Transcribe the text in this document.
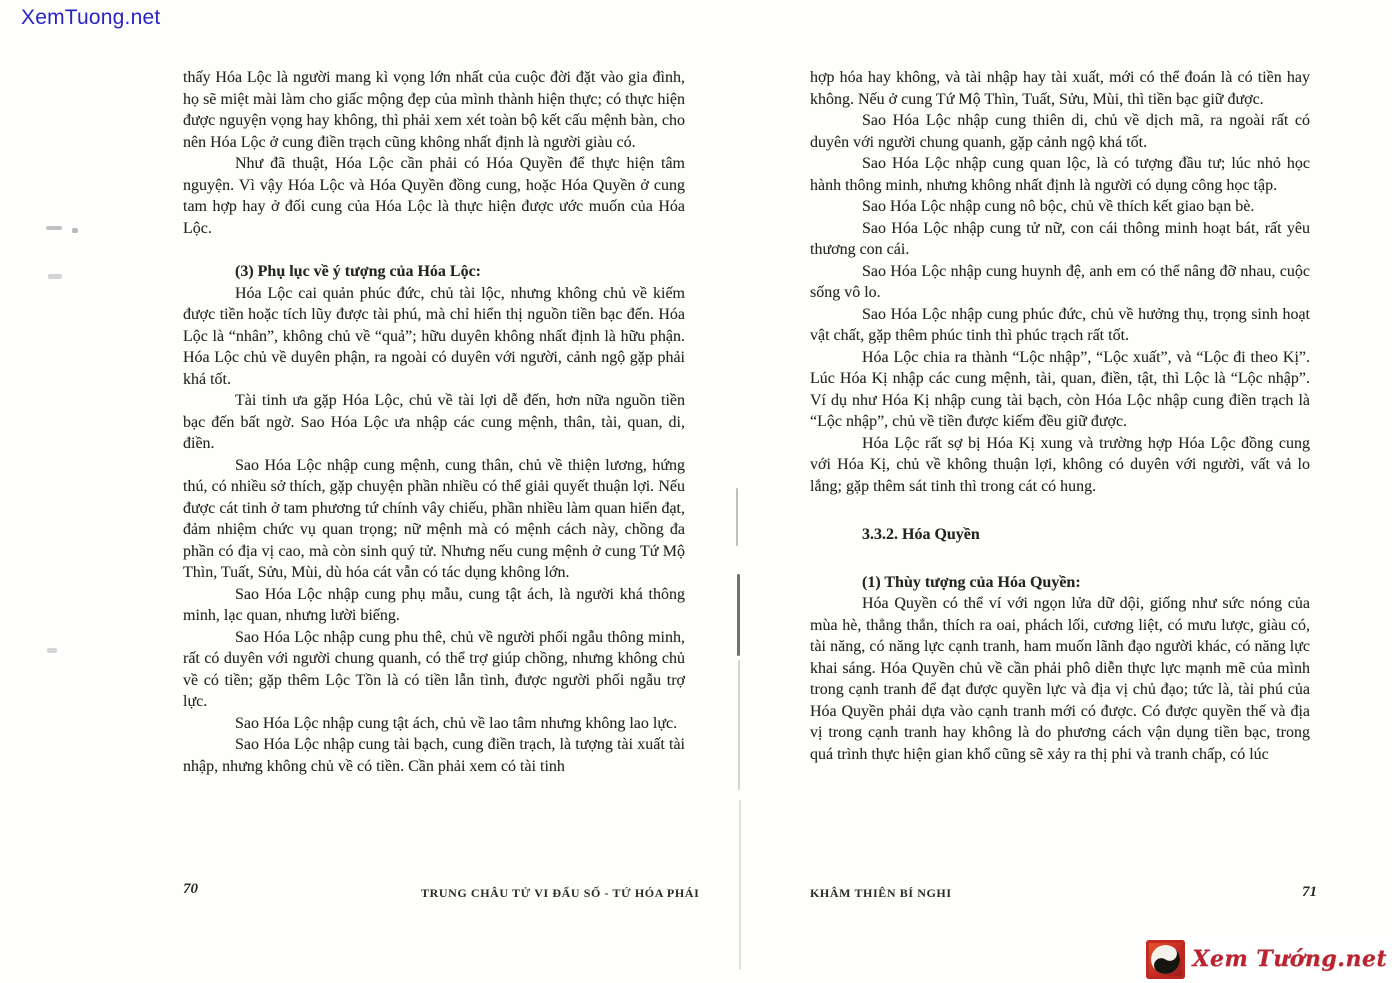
XemTuong.net

thấy Hóa Lộc là người mang kì vọng lớn nhất của cuộc đời đặt vào gia đình, họ sẽ miệt mài làm cho giấc mộng đẹp của mình thành hiện thực; có thực hiện được nguyện vọng hay không, thì phải xem xét toàn bộ kết cấu mệnh bàn, cho nên Hóa Lộc ở cung điền trạch cũng không nhất định là người giàu có.

Như đã thuật, Hóa Lộc cần phải có Hóa Quyền để thực hiện tâm nguyện. Vì vậy Hóa Lộc và Hóa Quyền đồng cung, hoặc Hóa Quyền ở cung tam hợp hay ở đối cung của Hóa Lộc là thực hiện được ước muốn của Hóa Lộc.

(3) Phụ lục về ý tượng của Hóa Lộc:

Hóa Lộc cai quản phúc đức, chủ tài lộc, nhưng không chủ về kiếm được tiền hoặc tích lũy được tài phú, mà chỉ hiển thị nguồn tiền bạc đến. Hóa Lộc là “nhân”, không chủ về “quả”; hữu duyên không nhất định là hữu phận. Hóa Lộc chủ về duyên phận, ra ngoài có duyên với người, cảnh ngộ gặp phải khá tốt.

Tài tinh ưa gặp Hóa Lộc, chủ về tài lợi dễ đến, hơn nữa nguồn tiền bạc đến bất ngờ. Sao Hóa Lộc ưa nhập các cung mệnh, thân, tài, quan, di, điền.

Sao Hóa Lộc nhập cung mệnh, cung thân, chủ về thiện lương, hứng thú, có nhiều sở thích, gặp chuyện phần nhiều có thể giải quyết thuận lợi. Nếu được cát tinh ở tam phương tứ chính vây chiếu, phần nhiều làm quan hiển đạt, đảm nhiệm chức vụ quan trọng; nữ mệnh mà có mệnh cách này, chồng đa phần có địa vị cao, mà còn sinh quý tử. Nhưng nếu cung mệnh ở cung Tứ Mộ Thìn, Tuất, Sửu, Mùi, dù hóa cát vẫn có tác dụng không lớn.

Sao Hóa Lộc nhập cung phụ mẫu, cung tật ách, là người khá thông minh, lạc quan, nhưng lười biếng.

Sao Hóa Lộc nhập cung phu thê, chủ về người phối ngẫu thông minh, rất có duyên với người chung quanh, có thể trợ giúp chồng, nhưng không chủ về có tiền; gặp thêm Lộc Tồn là có tiền lẫn tình, được người phối ngẫu trợ lực.

Sao Hóa Lộc nhập cung tật ách, chủ về lao tâm nhưng không lao lực.

Sao Hóa Lộc nhập cung tài bạch, cung điền trạch, là tượng tài xuất tài nhập, nhưng không chủ về có tiền. Cần phải xem có tài tinh

70	TRUNG CHÂU TỬ VI ĐẨU SỐ - TỨ HÓA PHÁI

hợp hóa hay không, và tài nhập hay tài xuất, mới có thể đoán là có tiền hay không. Nếu ở cung Tứ Mộ Thìn, Tuất, Sửu, Mùi, thì tiền bạc giữ được.

Sao Hóa Lộc nhập cung thiên di, chủ về dịch mã, ra ngoài rất có duyên với người chung quanh, gặp cảnh ngộ khá tốt.

Sao Hóa Lộc nhập cung quan lộc, là có tượng đầu tư; lúc nhỏ học hành thông minh, nhưng không nhất định là người có dụng công học tập.

Sao Hóa Lộc nhập cung nô bộc, chủ về thích kết giao bạn bè.

Sao Hóa Lộc nhập cung tử nữ, con cái thông minh hoạt bát, rất yêu thương con cái.

Sao Hóa Lộc nhập cung huynh đệ, anh em có thể nâng đỡ nhau, cuộc sống vô lo.

Sao Hóa Lộc nhập cung phúc đức, chủ về hưởng thụ, trọng sinh hoạt vật chất, gặp thêm phúc tinh thì phúc trạch rất tốt.

Hóa Lộc chia ra thành “Lộc nhập”, “Lộc xuất”, và “Lộc đi theo Kị”. Lúc Hóa Kị nhập các cung mệnh, tài, quan, điền, tật, thì Lộc là “Lộc nhập”. Ví dụ như Hóa Kị nhập cung tài bạch, còn Hóa Lộc nhập cung điền trạch là “Lộc nhập”, chủ về tiền được kiếm đều giữ được.

Hóa Lộc rất sợ bị Hóa Kị xung và trường hợp Hóa Lộc đồng cung với Hóa Kị, chủ về không thuận lợi, không có duyên với người, vất vả lo lắng; gặp thêm sát tinh thì trong cát có hung.

3.3.2. Hóa Quyền

(1) Thùy tượng của Hóa Quyền:

Hóa Quyền có thể ví với ngọn lửa dữ dội, giống như sức nóng của mùa hè, thẳng thắn, thích ra oai, phách lối, cương liệt, có mưu lược, giàu có, tài năng, có năng lực cạnh tranh, ham muốn lãnh đạo người khác, có năng lực khai sáng. Hóa Quyền chủ về cần phải phô diễn thực lực mạnh mẽ của mình trong cạnh tranh để đạt được quyền lực và địa vị chủ đạo; tức là, tài phú của Hóa Quyền phải dựa vào cạnh tranh mới có được. Có được quyền thế và địa vị trong cạnh tranh hay không là do phương cách vận dụng tiền bạc, trong quá trình thực hiện gian khổ cũng sẽ xảy ra thị phi và tranh chấp, có lúc

KHÂM THIÊN BÍ NGHI	71
Xem Tướng.net
